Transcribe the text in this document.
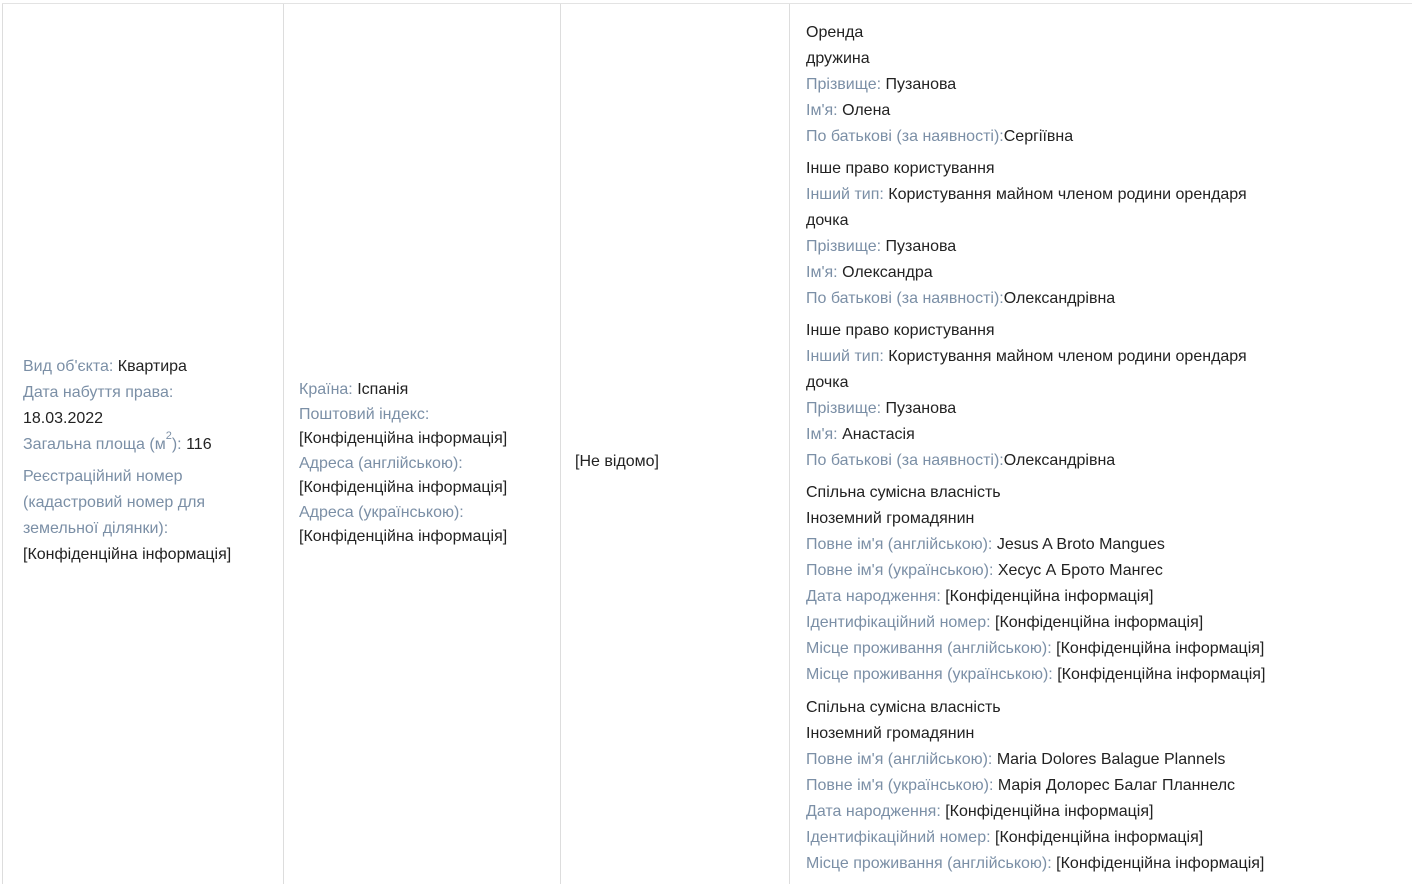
Вид об'єкта: Квартира
Дата набуття права:
18.03.2022
Загальна площа $(м^2)$: 116
Реєстраційний номер
(кадастровий номер для
земельної ділянки):
[Конфіденційна інформація]
Країна: Іспанія
Поштовий індекс:
[Конфіденційна інформація]
Адреса (англійською):
[Конфіденційна інформація]
Адреса (українською):
[Конфіденційна інформація]
[Не відомо]
Оренда
дружина
Прізвище: Пузанова
Ім'я: Олена
По батькові (за наявності):Сергіївна
Інше право користування
Інший тип: Користування майном членом родини орендаря
дочка
Прізвище: Пузанова
Ім'я: Олександра
По батькові (за наявності):Олександрівна
Інше право користування
Інший тип: Користування майном членом родини орендаря
дочка
Прізвище: Пузанова
Ім'я: Анастасія
По батькові (за наявності):Олександрівна
Спільна сумісна власність
Іноземний громадянин
Повне ім'я (англійською): Jesus A Broto Mangues
Повне ім'я (українською): Хесус А Брото Мангес
Дата народження: [Конфіденційна інформація]
Ідентифікаційний номер: [Конфіденційна інформація]
Місце проживання (англійською): [Конфіденційна інформація]
Місце проживання (українською): [Конфіденційна інформація]
Спільна сумісна власність
Іноземний громадянин
Повне ім'я (англійською): Maria Dolores Balague Plannels
Повне ім'я (українською): Марія Долорес Балаг Планнелс
Дата народження: [Конфіденційна інформація]
Ідентифікаційний номер: [Конфіденційна інформація]
Місце проживання (англійською): [Конфіденційна інформація]
